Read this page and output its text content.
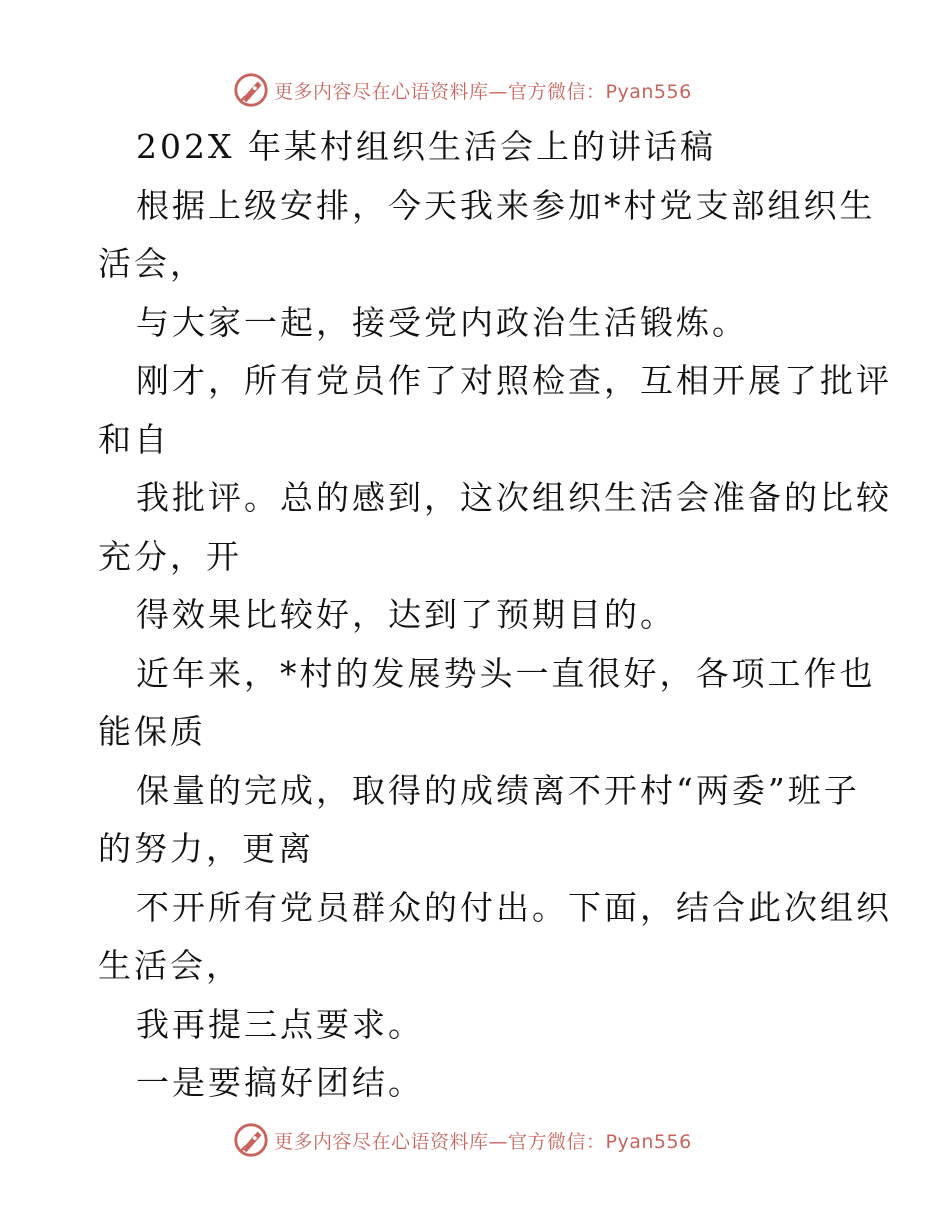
更多内容尽在心语资料库—官方微信：Pyan556
202X 年某村组织生活会上的讲话稿
根据上级安排，今天我来参加*村党支部组织生
活会，
与大家一起，接受党内政治生活锻炼。
刚才，所有党员作了对照检查，互相开展了批评
和自
我批评。总的感到，这次组织生活会准备的比较
充分，开
得效果比较好，达到了预期目的。
近年来，*村的发展势头一直很好，各项工作也
能保质
保量的完成，取得的成绩离不开村“两委”班子
的努力，更离
不开所有党员群众的付出。下面，结合此次组织
生活会，
我再提三点要求。
一是要搞好团结。
更多内容尽在心语资料库—官方微信：Pyan556
